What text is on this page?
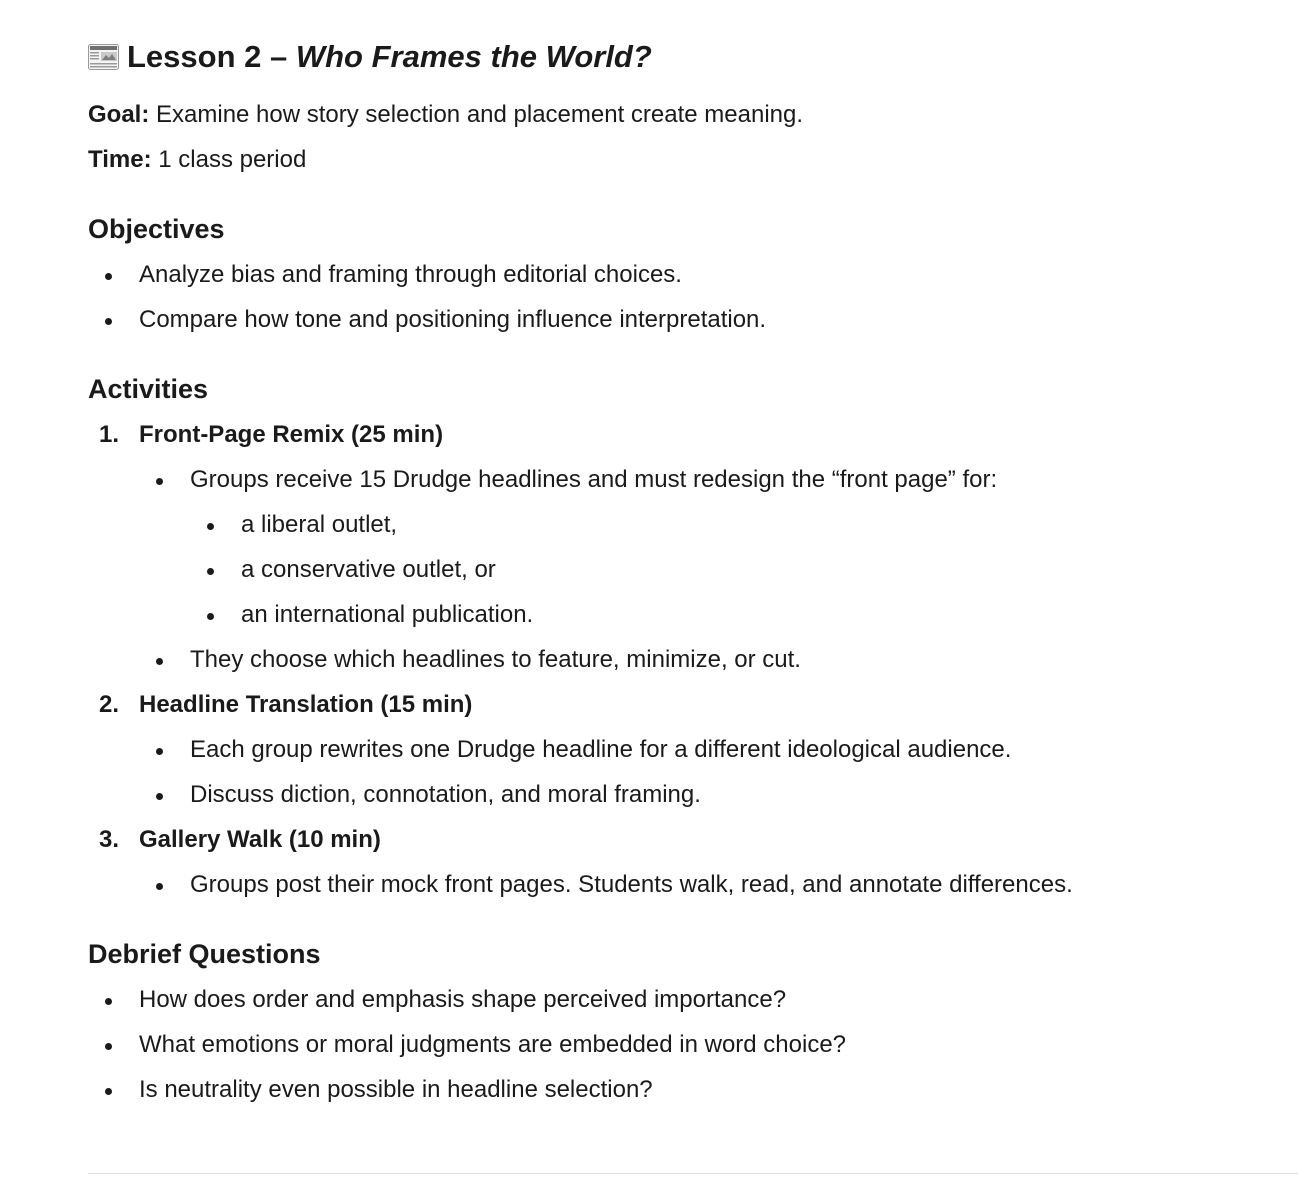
Lesson 2 – Who Frames the World?

Goal: Examine how story selection and placement create meaning.

Time: 1 class period

Objectives
Analyze bias and framing through editorial choices.
Compare how tone and positioning influence interpretation.
Activities
1. Front-Page Remix (25 min)
Groups receive 15 Drudge headlines and must redesign the “front page” for:
a liberal outlet,
a conservative outlet, or
an international publication.
They choose which headlines to feature, minimize, or cut.
2. Headline Translation (15 min)
Each group rewrites one Drudge headline for a different ideological audience.
Discuss diction, connotation, and moral framing.
3. Gallery Walk (10 min)
Groups post their mock front pages. Students walk, read, and annotate differences.
Debrief Questions
How does order and emphasis shape perceived importance?
What emotions or moral judgments are embedded in word choice?
Is neutrality even possible in headline selection?
